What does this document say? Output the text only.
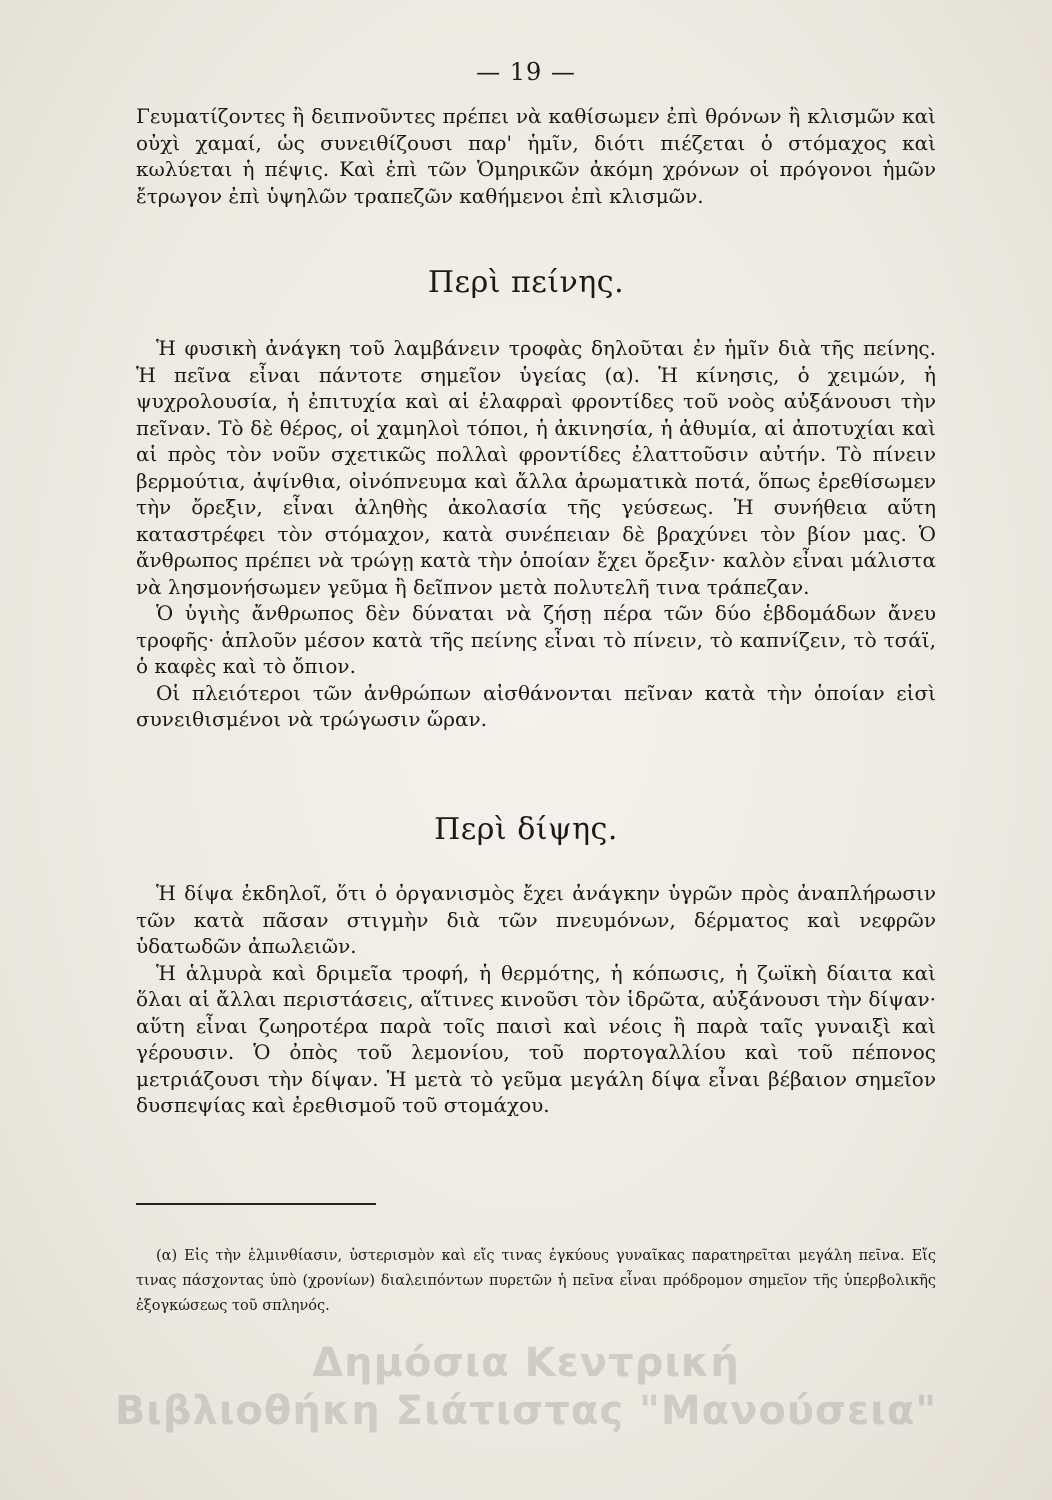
— 19 —

Γευματίζοντες ἢ δειπνοῦντες πρέπει νὰ καθίσωμεν ἐπὶ θρόνων ἢ κλισμῶν καὶ οὐχὶ χαμαί, ὡς συνειθίζουσι παρ' ἡμῖν, διότι πιέζεται ὁ στόμαχος καὶ κωλύεται ἡ πέψις. Καὶ ἐπὶ τῶν Ὁμηρικῶν ἀκόμη χρόνων οἱ πρόγονοι ἡμῶν ἔτρωγον ἐπὶ ὑψηλῶν τραπεζῶν καθήμενοι ἐπὶ κλισμῶν.

Περὶ πείνης.

Ἡ φυσικὴ ἀνάγκη τοῦ λαμβάνειν τροφὰς δηλοῦται ἐν ἡμῖν διὰ τῆς πείνης. Ἡ πεῖνα εἶναι πάντοτε σημεῖον ὑγείας (α). Ἡ κίνησις, ὁ χειμών, ἡ ψυχρολουσία, ἡ ἐπιτυχία καὶ αἱ ἐλαφραὶ φροντίδες τοῦ νοὸς αὐξάνουσι τὴν πεῖναν. Τὸ δὲ θέρος, οἱ χαμηλοὶ τόποι, ἡ ἀκινησία, ἡ ἀθυμία, αἱ ἀποτυχίαι καὶ αἱ πρὸς τὸν νοῦν σχετικῶς πολλαὶ φροντίδες ἐλαττοῦσιν αὐτήν. Τὸ πίνειν βερμούτια, ἀψίνθια, οἰνόπνευμα καὶ ἄλλα ἀρωματικὰ ποτά, ὅπως ἐρεθίσωμεν τὴν ὄρεξιν, εἶναι ἀληθὴς ἀκολασία τῆς γεύσεως. Ἡ συνήθεια αὕτη καταστρέφει τὸν στόμαχον, κατὰ συνέπειαν δὲ βραχύνει τὸν βίον μας. Ὁ ἄνθρωπος πρέπει νὰ τρώγῃ κατὰ τὴν ὁποίαν ἔχει ὄρεξιν· καλὸν εἶναι μάλιστα νὰ λησμονήσωμεν γεῦμα ἢ δεῖπνον μετὰ πολυτελῆ τινα τράπεζαν.

Ὁ ὑγιὴς ἄνθρωπος δὲν δύναται νὰ ζήσῃ πέρα τῶν δύο ἑβδομάδων ἄνευ τροφῆς· ἁπλοῦν μέσον κατὰ τῆς πείνης εἶναι τὸ πίνειν, τὸ καπνίζειν, τὸ τσάϊ, ὁ καφὲς καὶ τὸ ὄπιον.

Οἱ πλειότεροι τῶν ἀνθρώπων αἰσθάνονται πεῖναν κατὰ τὴν ὁποίαν εἰσὶ συνειθισμένοι νὰ τρώγωσιν ὥραν.

Περὶ δίψης.

Ἡ δίψα ἐκδηλοῖ, ὅτι ὁ ὀργανισμὸς ἔχει ἀνάγκην ὑγρῶν πρὸς ἀναπλήρωσιν τῶν κατὰ πᾶσαν στιγμὴν διὰ τῶν πνευμόνων, δέρματος καὶ νεφρῶν ὑδατωδῶν ἀπωλειῶν.

Ἡ ἁλμυρὰ καὶ δριμεῖα τροφή, ἡ θερμότης, ἡ κόπωσις, ἡ ζωϊκὴ δίαιτα καὶ ὅλαι αἱ ἄλλαι περιστάσεις, αἵτινες κινοῦσι τὸν ἱδρῶτα, αὐξάνουσι τὴν δίψαν· αὕτη εἶναι ζωηροτέρα παρὰ τοῖς παισὶ καὶ νέοις ἢ παρὰ ταῖς γυναιξὶ καὶ γέρουσιν. Ὁ ὀπὸς τοῦ λεμονίου, τοῦ πορτογαλλίου καὶ τοῦ πέπονος μετριάζουσι τὴν δίψαν. Ἡ μετὰ τὸ γεῦμα μεγάλη δίψα εἶναι βέβαιον σημεῖον δυσπεψίας καὶ ἐρεθισμοῦ τοῦ στομάχου.

(α) Εἰς τὴν ἑλμινθίασιν, ὑστερισμὸν καὶ εἴς τινας ἐγκύους γυναῖκας παρατηρεῖται μεγάλη πεῖνα. Εἴς τινας πάσχοντας ὑπὸ (χρονίων) διαλειπόντων πυρετῶν ἡ πεῖνα εἶναι πρόδρομον σημεῖον τῆς ὑπερβολικῆς ἐξογκώσεως τοῦ σπληνός.

Δημόσια Κεντρική
Βιβλιοθήκη Σιάτιστας "Μανούσεια"
